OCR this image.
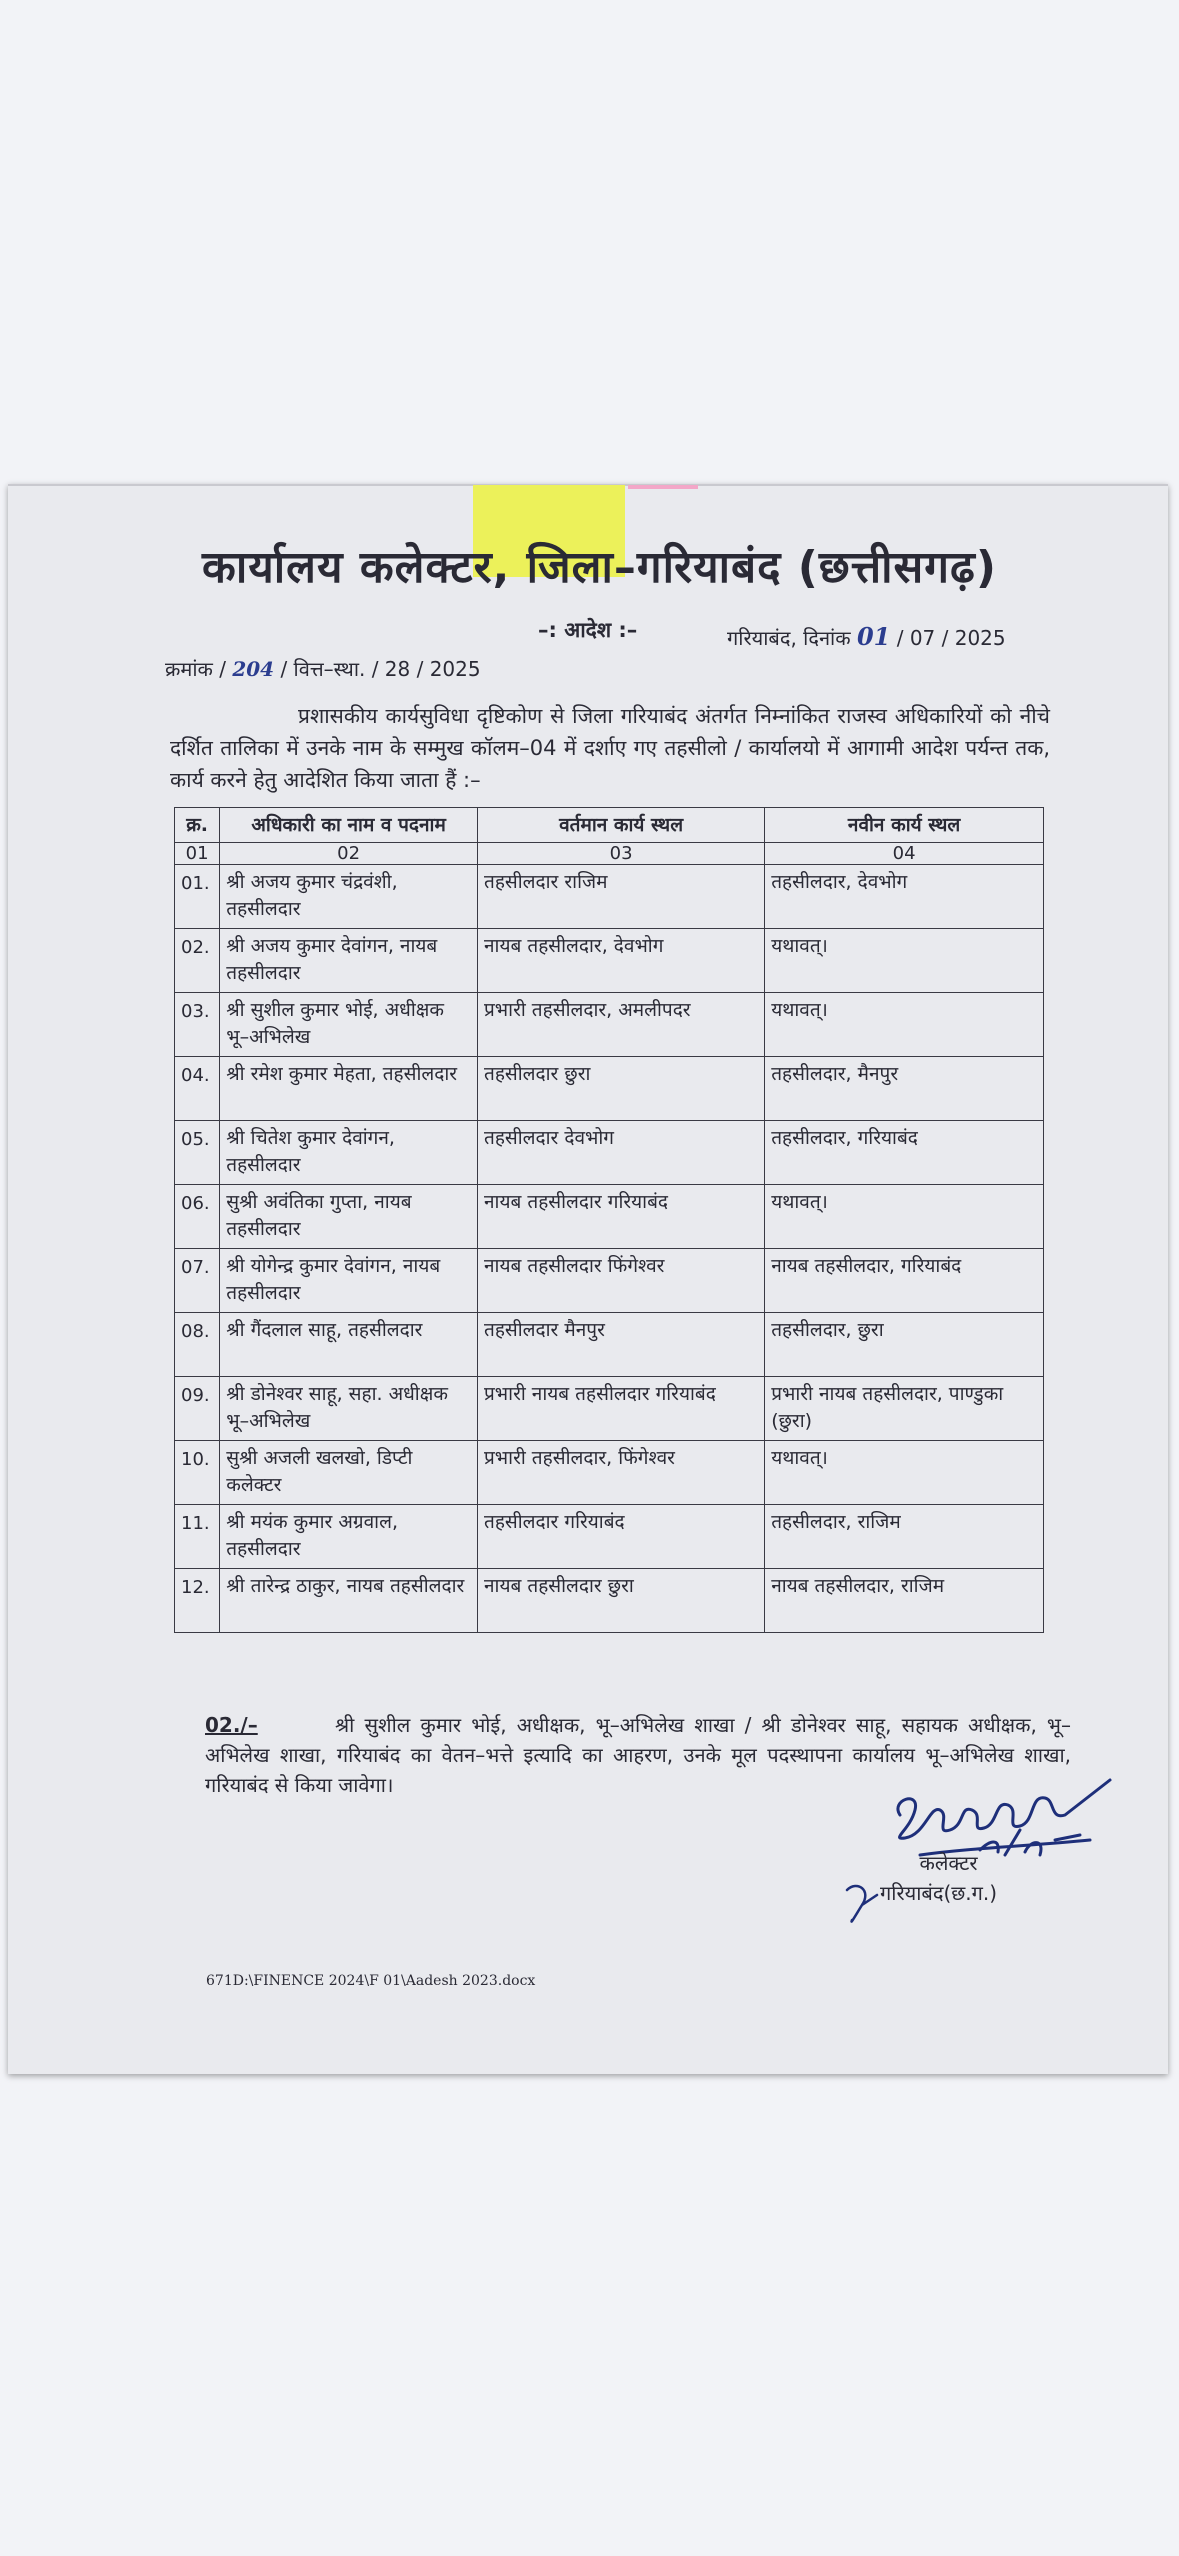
कार्यालय कलेक्टर, जिला–गरियाबंद (छत्तीसगढ़)
–: आदेश :–
क्रमांक / 204 / वित्त–स्था. / 28 / 2025
गरियाबंद, दिनांक 01 / 07 / 2025
प्रशासकीय कार्यसुविधा दृष्टिकोण से जिला गरियाबंद अंतर्गत निम्नांकित राजस्व अधिकारियों को नीचे दर्शित तालिका में उनके नाम के सम्मुख कॉलम–04 में दर्शाए गए तहसीलो / कार्यालयो में आगामी आदेश पर्यन्त तक, कार्य करने हेतु आदेशित किया जाता हैं :–
क्र.	अधिकारी का नाम व पदनाम	वर्तमान कार्य स्थल	नवीन कार्य स्थल
01	02	03	04
01.	श्री अजय कुमार चंद्रवंशी, तहसीलदार	तहसीलदार राजिम	तहसीलदार, देवभोग
02.	श्री अजय कुमार देवांगन, नायब तहसीलदार	नायब तहसीलदार, देवभोग	यथावत्।
03.	श्री सुशील कुमार भोई, अधीक्षक भू–अभिलेख	प्रभारी तहसीलदार, अमलीपदर	यथावत्।
04.	श्री रमेश कुमार मेहता, तहसीलदार	तहसीलदार छुरा	तहसीलदार, मैनपुर
05.	श्री चितेश कुमार देवांगन, तहसीलदार	तहसीलदार देवभोग	तहसीलदार, गरियाबंद
06.	सुश्री अवंतिका गुप्ता, नायब तहसीलदार	नायब तहसीलदार गरियाबंद	यथावत्।
07.	श्री योगेन्द्र कुमार देवांगन, नायब तहसीलदार	नायब तहसीलदार फिंगेश्वर	नायब तहसीलदार, गरियाबंद
08.	श्री गैंदलाल साहू, तहसीलदार	तहसीलदार मैनपुर	तहसीलदार, छुरा
09.	श्री डोनेश्वर साहू, सहा. अधीक्षक भू–अभिलेख	प्रभारी नायब तहसीलदार गरियाबंद	प्रभारी नायब तहसीलदार, पाण्डुका (छुरा)
10.	सुश्री अजली खलखो, डिप्टी कलेक्टर	प्रभारी तहसीलदार, फिंगेश्वर	यथावत्।
11.	श्री मयंक कुमार अग्रवाल, तहसीलदार	तहसीलदार गरियाबंद	तहसीलदार, राजिम
12.	श्री तारेन्द्र ठाकुर, नायब तहसीलदार	नायब तहसीलदार छुरा	नायब तहसीलदार, राजिम
02./–	श्री सुशील कुमार भोई, अधीक्षक, भू–अभिलेख शाखा / श्री डोनेश्वर साहू, सहायक अधीक्षक, भू–अभिलेख शाखा, गरियाबंद का वेतन–भत्ते इत्यादि का आहरण, उनके मूल पदस्थापना कार्यालय भू–अभिलेख शाखा, गरियाबंद से किया जावेगा।
कलेक्टर
गरियाबंद(छ.ग.)
671D:\FINENCE 2024\F 01\Aadesh 2023.docx
